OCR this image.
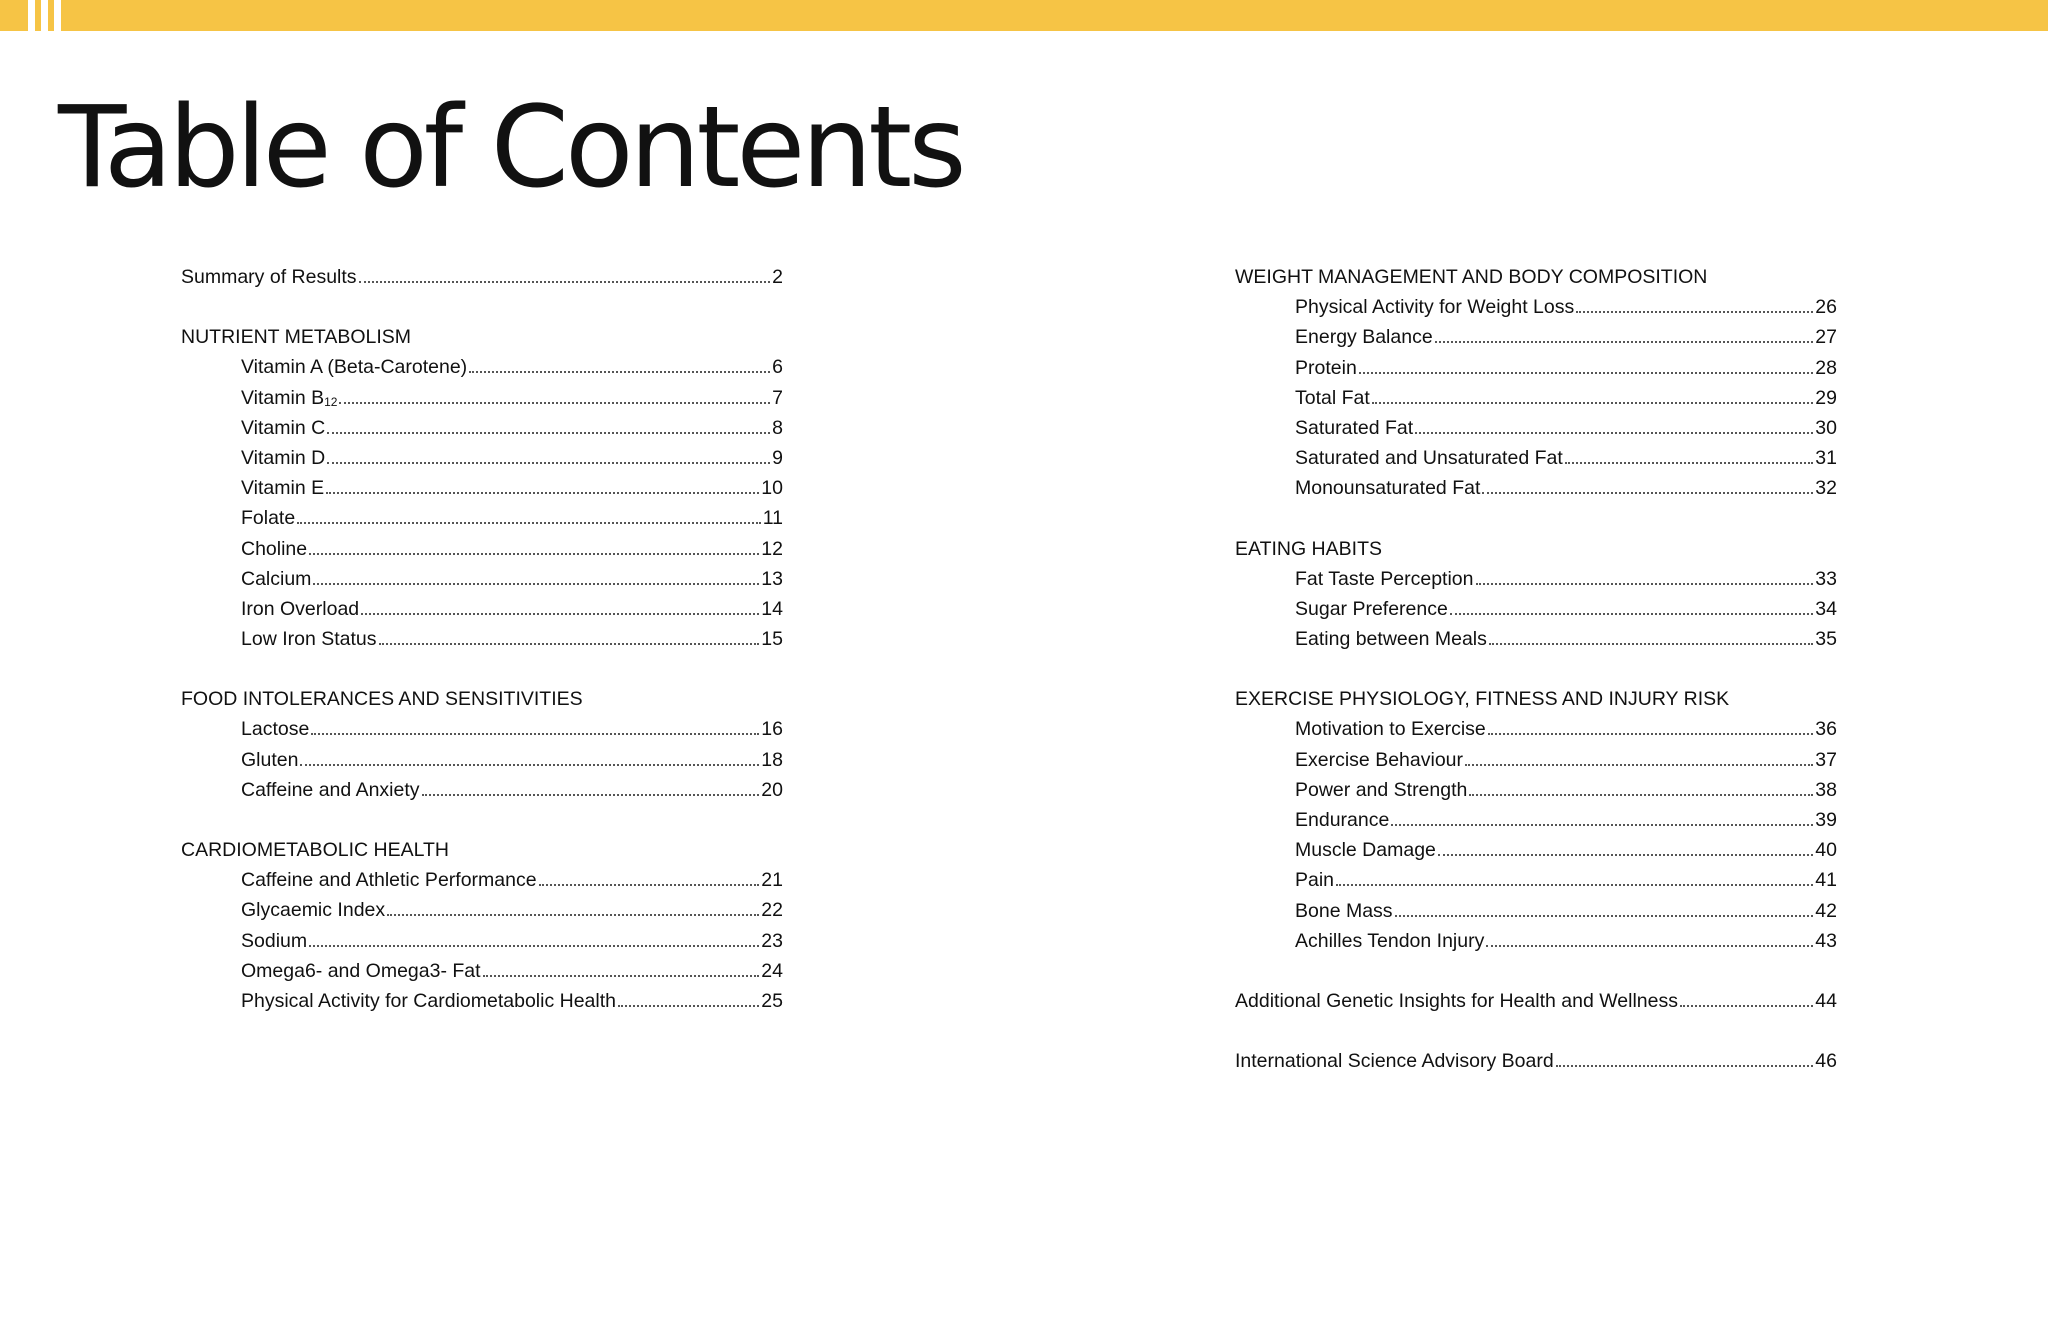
Table of Contents
Summary of Results	2
NUTRIENT METABOLISM
Vitamin A (Beta-Carotene)	6
Vitamin $B_{12}$	7
Vitamin C	8
Vitamin D	9
Vitamin E	10
Folate	11
Choline	12
Calcium	13
Iron Overload	14
Low Iron Status	15
FOOD INTOLERANCES AND SENSITIVITIES
Lactose	16
Gluten	18
Caffeine and Anxiety	20
CARDIOMETABOLIC HEALTH
Caffeine and Athletic Performance	21
Glycaemic Index	22
Sodium	23
Omega6- and Omega3- Fat	24
Physical Activity for Cardiometabolic Health	25
WEIGHT MANAGEMENT AND BODY COMPOSITION
Physical Activity for Weight Loss	26
Energy Balance	27
Protein	28
Total Fat	29
Saturated Fat	30
Saturated and Unsaturated Fat	31
Monounsaturated Fat	32
EATING HABITS
Fat Taste Perception	33
Sugar Preference	34
Eating between Meals	35
EXERCISE PHYSIOLOGY, FITNESS AND INJURY RISK
Motivation to Exercise	36
Exercise Behaviour	37
Power and Strength	38
Endurance	39
Muscle Damage	40
Pain	41
Bone Mass	42
Achilles Tendon Injury	43
Additional Genetic Insights for Health and Wellness	44
International Science Advisory Board	46
